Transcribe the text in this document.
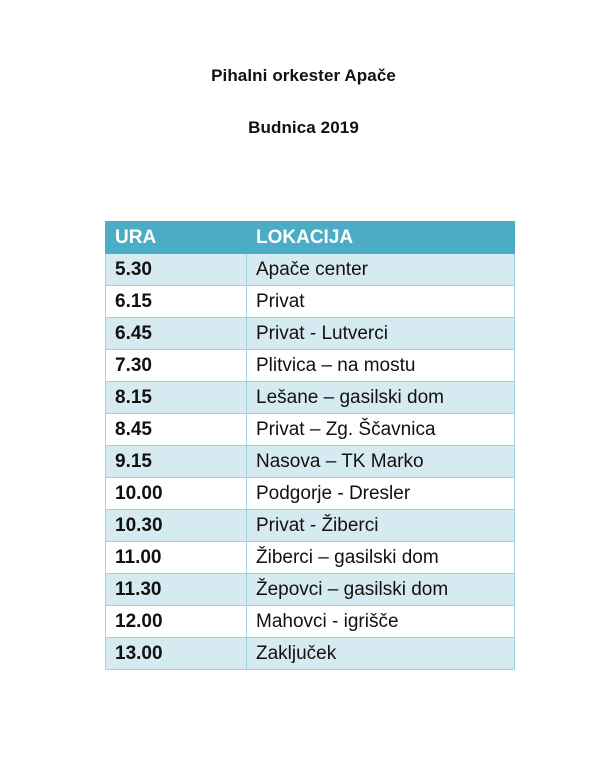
Pihalni orkester Apače
Budnica 2019
URA	LOKACIJA
5.30	Apače center
6.15	Privat
6.45	Privat - Lutverci
7.30	Plitvica – na mostu
8.15	Lešane – gasilski dom
8.45	Privat – Zg. Ščavnica
9.15	Nasova – TK Marko
10.00	Podgorje - Dresler
10.30	Privat - Žiberci
11.00	Žiberci – gasilski dom
11.30	Žepovci – gasilski dom
12.00	Mahovci - igrišče
13.00	Zaključek
